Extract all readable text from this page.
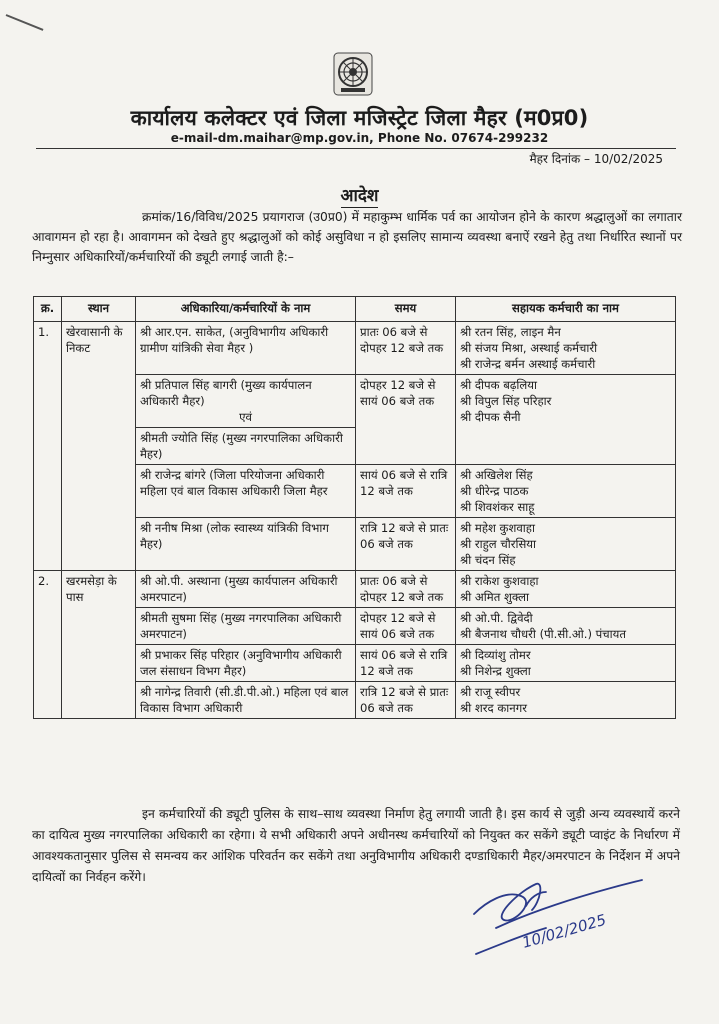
कार्यालय कलेक्टर एवं जिला मजिस्ट्रेट जिला मैहर (म0प्र0)
e-mail-dm.maihar@mp.gov.in, Phone No. 07674-299232
मैहर दिनांक – 10/02/2025
आदेश
क्रमांक/16/विविध/2025 प्रयागराज (उ0प्र0) में महाकुम्भ धार्मिक पर्व का आयोजन होने के कारण श्रद्धालुओं का लगातार आवागमन हो रहा है। आवागमन को देखते हुए श्रद्धालुओं को कोई असुविधा न हो इसलिए सामान्य व्यवस्था बनाऐं रखने हेतु तथा निर्धारित स्थानों पर निम्नुसार अधिकारियों/कर्मचारियों की ड्यूटी लगाई जाती है:–
क्र.	स्थान	अधिकारिया/कर्मचारियों के नाम	समय	सहायक कर्मचारी का नाम
1.	खेरवासानी के निकट	श्री आर.एन. साकेत, (अनुविभागीय अधिकारी ग्रामीण यांत्रिकी सेवा मैहर )	प्रातः 06 बजे से दोपहर 12 बजे तक	श्री रतन सिंह, लाइन मैन
श्री संजय मिश्रा, अस्थाई कर्मचारी
श्री राजेन्द्र बर्मन अस्थाई कर्मचारी

		श्री प्रतिपाल सिंह बागरी (मुख्य कार्यपालन अधिकारी मैहर)
एवं
श्रीमती ज्योति सिंह (मुख्य नगरपालिका अधिकारी मैहर)	दोपहर 12 बजे से सायं 06 बजे तक	श्री दीपक बढ़लिया
श्री विपुल सिंह परिहार
श्री दीपक सैनी

		श्री राजेन्द्र बांगरे (जिला परियोजना अधिकारी महिला एवं बाल विकास अधिकारी जिला मैहर	सायं 06 बजे से रात्रि 12 बजे तक	श्री अखिलेश सिंह
श्री धीरेन्द्र पाठक
श्री शिवशंकर साहू

		श्री ननीष मिश्रा (लोक स्वास्थ्य यांत्रिकी विभाग मैहर)	रात्रि 12 बजे से प्रातः 06 बजे तक	श्री महेश कुशवाहा
श्री राहुल चौरसिया
श्री चंदन सिंह

2.	खरमसेड़ा के पास	श्री ओ.पी. अस्थाना (मुख्य कार्यपालन अधिकारी अमरपाटन)	प्रातः 06 बजे से दोपहर 12 बजे तक	श्री राकेश कुशवाहा
श्री अमित शुक्ला

		श्रीमती सुषमा सिंह (मुख्य नगरपालिका अधिकारी अमरपाटन)	दोपहर 12 बजे से सायं 06 बजे तक	श्री ओ.पी. द्विवेदी
श्री बैजनाथ चौधरी (पी.सी.ओ.) पंचायत

		श्री प्रभाकर सिंह परिहार (अनुविभागीय अधिकारी जल संसाधन विभग मैहर)	सायं 06 बजे से रात्रि 12 बजे तक	श्री दिव्यांशु तोमर
श्री निशेन्द्र शुक्ला

		श्री नागेन्द्र तिवारी (सी.डी.पी.ओ.) महिला एवं बाल विकास विभाग अधिकारी	रात्रि 12 बजे से प्रातः 06 बजे तक	श्री राजू स्वीपर
श्री शरद कानगर
इन कर्मचारियों की ड्यूटी पुलिस के साथ–साथ व्यवस्था निर्माण हेतु लगायी जाती है। इस कार्य से जुड़ी अन्य व्यवस्थायें करने का दायित्व मुख्य नगरपालिका अधिकारी का रहेगा। ये सभी अधिकारी अपने अधीनस्थ कर्मचारियों को नियुक्त कर सकेंगे ड्यूटी प्वाइंट के निर्धारण में आवश्यकतानुसार पुलिस से समन्वय कर आंशिक परिवर्तन कर सकेंगे तथा अनुविभागीय अधिकारी दण्डाधिकारी मैहर/अमरपाटन के निर्देशन में अपने दायित्वों का निर्वहन करेंगे।
10/02/2025
